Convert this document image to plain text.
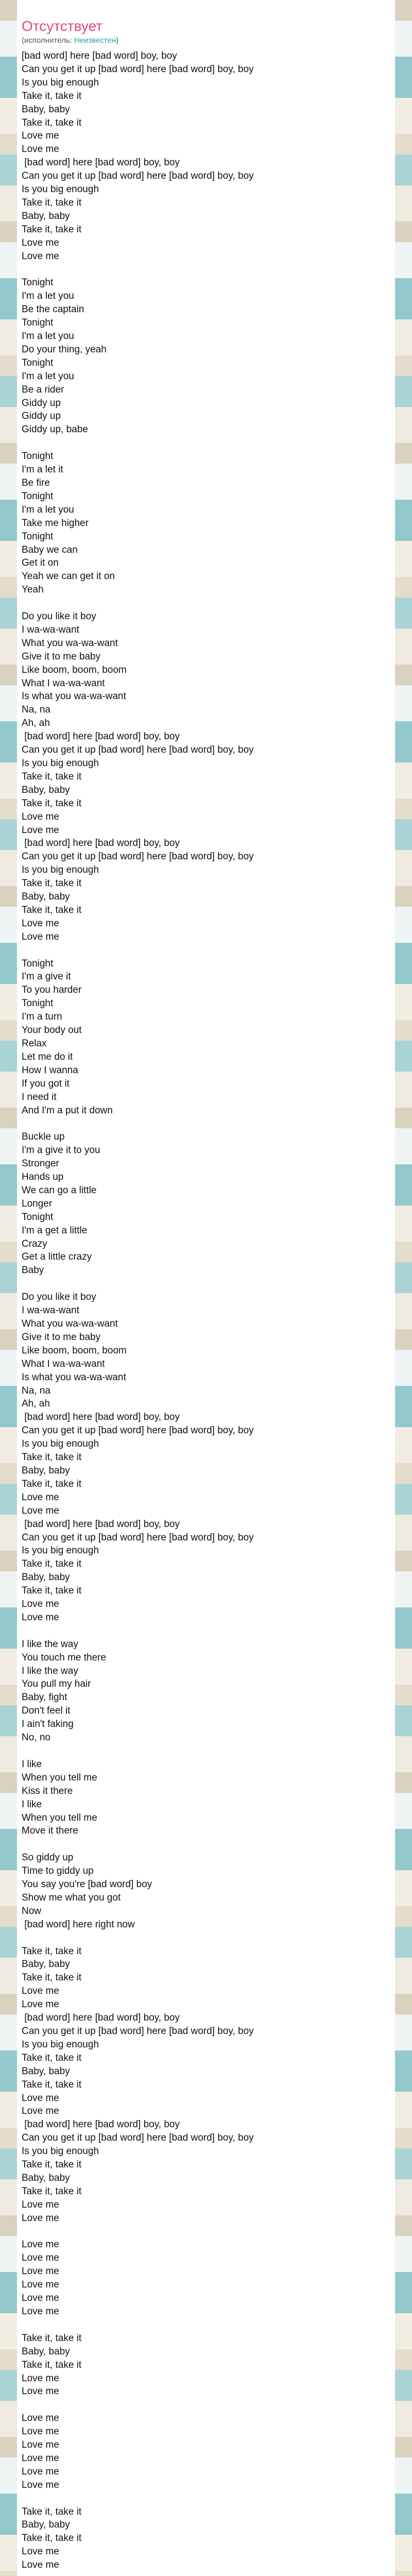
Отсутствует
(исполнитель: Неизвестен)
[bad word] here [bad word] boy, boy
Can you get it up [bad word] here [bad word] boy, boy
Is you big enough
Take it, take it
Baby, baby
Take it, take it
Love me
Love me
[bad word] here [bad word] boy, boy
Can you get it up [bad word] here [bad word] boy, boy
Is you big enough
Take it, take it
Baby, baby
Take it, take it
Love me
Love me
Tonight
I'm a let you
Be the captain
Tonight
I'm a let you
Do your thing, yeah
Tonight
I'm a let you
Be a rider
Giddy up
Giddy up
Giddy up, babe
Tonight
I'm a let it
Be fire
Tonight
I'm a let you
Take me higher
Tonight
Baby we can
Get it on
Yeah we can get it on
Yeah
Do you like it boy
I wa-wa-want
What you wa-wa-want
Give it to me baby
Like boom, boom, boom
What I wa-wa-want
Is what you wa-wa-want
Na, na
Ah, ah
[bad word] here [bad word] boy, boy
Can you get it up [bad word] here [bad word] boy, boy
Is you big enough
Take it, take it
Baby, baby
Take it, take it
Love me
Love me
[bad word] here [bad word] boy, boy
Can you get it up [bad word] here [bad word] boy, boy
Is you big enough
Take it, take it
Baby, baby
Take it, take it
Love me
Love me
Tonight
I'm a give it
To you harder
Tonight
I'm a turn
Your body out
Relax
Let me do it
How I wanna
If you got it
I need it
And I'm a put it down
Buckle up
I'm a give it to you
Stronger
Hands up
We can go a little
Longer
Tonight
I'm a get a little
Crazy
Get a little crazy
Baby
Do you like it boy
I wa-wa-want
What you wa-wa-want
Give it to me baby
Like boom, boom, boom
What I wa-wa-want
Is what you wa-wa-want
Na, na
Ah, ah
[bad word] here [bad word] boy, boy
Can you get it up [bad word] here [bad word] boy, boy
Is you big enough
Take it, take it
Baby, baby
Take it, take it
Love me
Love me
[bad word] here [bad word] boy, boy
Can you get it up [bad word] here [bad word] boy, boy
Is you big enough
Take it, take it
Baby, baby
Take it, take it
Love me
Love me
I like the way
You touch me there
I like the way
You pull my hair
Baby, fight
Don't feel it
I ain't faking
No, no
I like
When you tell me
Kiss it there
I like
When you tell me
Move it there
So giddy up
Time to giddy up
You say you're [bad word] boy
Show me what you got
Now
[bad word] here right now
Take it, take it
Baby, baby
Take it, take it
Love me
Love me
[bad word] here [bad word] boy, boy
Can you get it up [bad word] here [bad word] boy, boy
Is you big enough
Take it, take it
Baby, baby
Take it, take it
Love me
Love me
[bad word] here [bad word] boy, boy
Can you get it up [bad word] here [bad word] boy, boy
Is you big enough
Take it, take it
Baby, baby
Take it, take it
Love me
Love me
Love me
Love me
Love me
Love me
Love me
Love me
Take it, take it
Baby, baby
Take it, take it
Love me
Love me
Love me
Love me
Love me
Love me
Love me
Love me
Take it, take it
Baby, baby
Take it, take it
Love me
Love me
